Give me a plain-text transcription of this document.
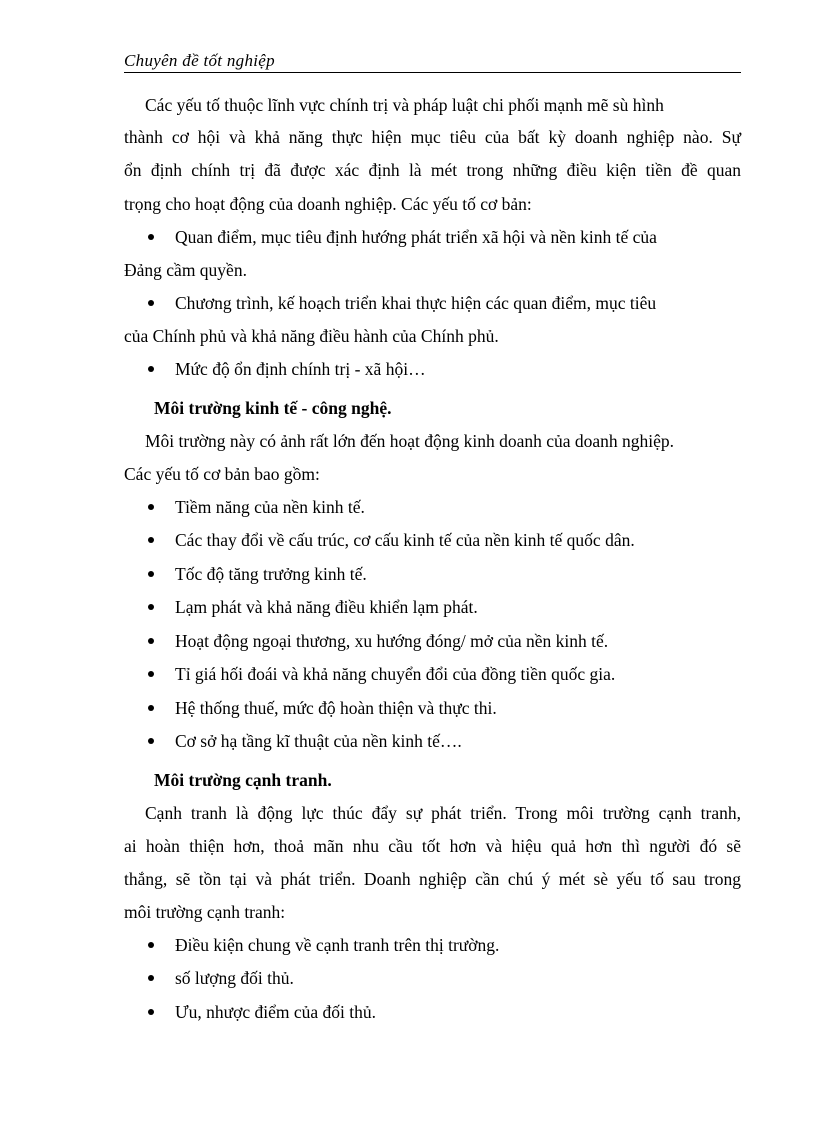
Chuyên đề tốt nghiệp
Các yếu tố thuộc lĩnh vực chính trị và pháp luật chi phối mạnh mẽ sù hình
thành cơ hội và khả năng thực hiện mục tiêu của bất kỳ doanh nghiệp nào. Sự
ổn định chính trị đã được xác định là mét trong những điều kiện tiền đề quan
trọng cho hoạt động của doanh nghiệp. Các yếu tố cơ bản:
Quan điểm, mục tiêu định hướng phát triển xã hội và nền kinh tế của
Đảng cầm quyền.
Chương trình, kế hoạch triển khai thực hiện các quan điểm, mục tiêu
của Chính phủ và khả năng điều hành của Chính phủ.
Mức độ ổn định chính trị - xã hội…
Môi trường kinh tế - công nghệ.
Môi trường này có ảnh rất lớn đến hoạt động kinh doanh của doanh nghiệp.
Các yếu tố cơ bản bao gồm:
Tiềm năng của nền kinh tế.
Các thay đổi về cấu trúc, cơ cấu kinh tế của nền kinh tế quốc dân.
Tốc độ tăng trưởng kinh tế.
Lạm phát và khả năng điều khiển lạm phát.
Hoạt động ngoại thương, xu hướng đóng/ mở của nền kinh tế.
Tỉ giá hối đoái và khả năng chuyển đổi của đồng tiền quốc gia.
Hệ thống thuế, mức độ hoàn thiện và thực thi.
Cơ sở hạ tầng kĩ thuật của nền kinh tế….
Môi trường cạnh tranh.
Cạnh tranh là động lực thúc đẩy sự phát triển. Trong môi trường cạnh tranh,
ai hoàn thiện hơn, thoả mãn nhu cầu tốt hơn và hiệu quả hơn thì người đó sẽ
thắng, sẽ tồn tại và phát triển. Doanh nghiệp cần chú ý mét sè yếu tố sau trong
môi trường cạnh tranh:
Điều kiện chung về cạnh tranh trên thị trường.
số lượng đối thủ.
Ưu, nhược điểm của đối thủ.
